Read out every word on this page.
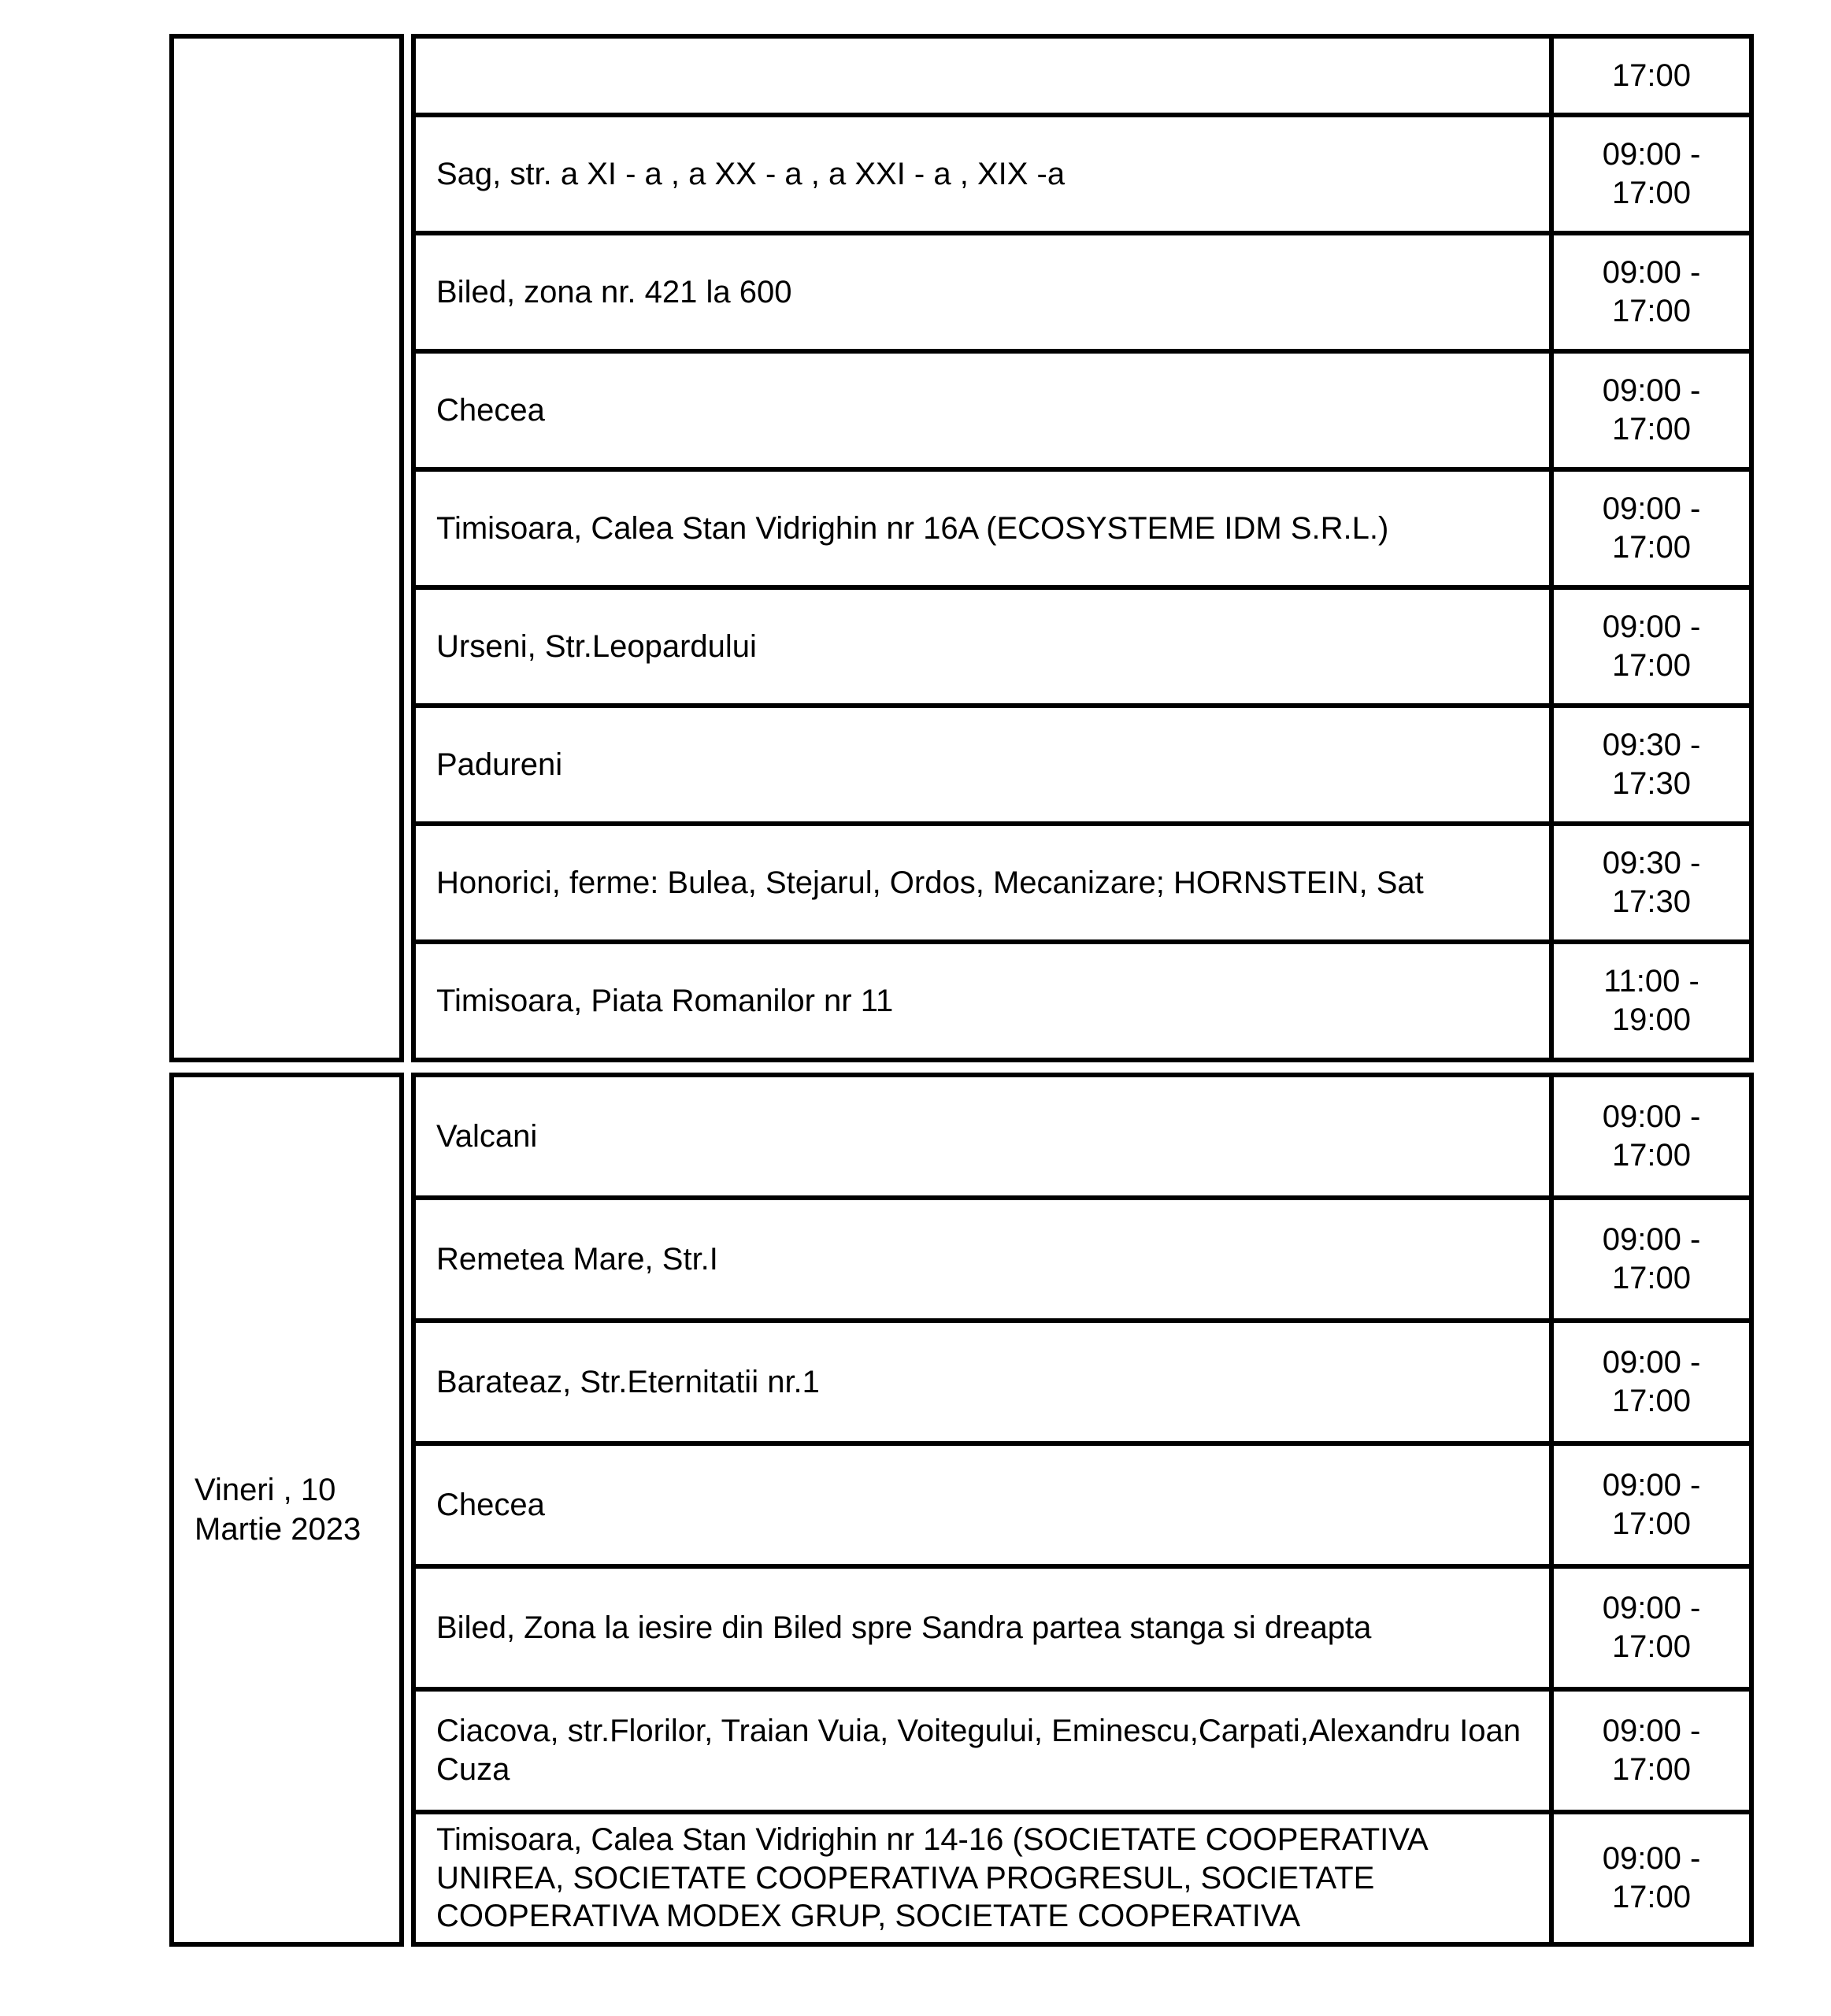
17:00
Sag, str. a XI - a , a XX - a , a XXI - a , XIX -a
09:00 - 17:00
Biled, zona nr. 421 la 600
09:00 - 17:00
Checea
09:00 - 17:00
Timisoara, Calea Stan Vidrighin nr 16A (ECOSYSTEME IDM S.R.L.)
09:00 - 17:00
Urseni, Str.Leopardului
09:00 - 17:00
Padureni
09:30 - 17:30
Honorici, ferme: Bulea, Stejarul, Ordos, Mecanizare; HORNSTEIN, Sat
09:30 - 17:30
Timisoara, Piata Romanilor nr 11
11:00 - 19:00
Vineri , 10 Martie 2023
Valcani
09:00 - 17:00
Remetea Mare, Str.I
09:00 - 17:00
Barateaz, Str.Eternitatii nr.1
09:00 - 17:00
Checea
09:00 - 17:00
Biled, Zona la iesire din Biled spre Sandra partea stanga si dreapta
09:00 - 17:00
Ciacova, str.Florilor, Traian Vuia, Voitegului, Eminescu,Carpati,Alexandru Ioan Cuza
09:00 - 17:00
Timisoara, Calea Stan Vidrighin nr 14-16 (SOCIETATE COOPERATIVA UNIREA, SOCIETATE COOPERATIVA PROGRESUL, SOCIETATE COOPERATIVA MODEX GRUP, SOCIETATE COOPERATIVA
09:00 - 17:00
